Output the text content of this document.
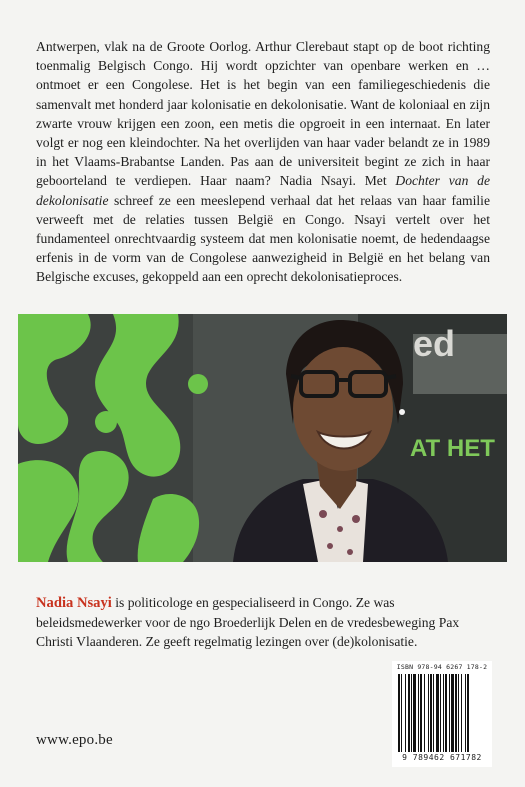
Antwerpen, vlak na de Groote Oorlog. Arthur Clerebaut stapt op de boot richting toenmalig Belgisch Congo. Hij wordt opzichter van openbare werken en … ontmoet er een Congolese. Het is het begin van een familiegeschiedenis die samenvalt met honderd jaar kolonisatie en dekolonisatie. Want de koloniaal en zijn zwarte vrouw krijgen een zoon, een metis die opgroeit in een internaat. En later volgt er nog een kleindochter. Na het overlijden van haar vader belandt ze in 1989 in het Vlaams-Brabantse Landen. Pas aan de universiteit begint ze zich in haar geboorteland te verdiepen. Haar naam? Nadia Nsayi. Met Dochter van de dekolonisatie schreef ze een meeslepend verhaal dat het relaas van haar familie verweeft met de relaties tussen België en Congo. Nsayi vertelt over het fundamenteel onrechtvaardig systeem dat men kolonisatie noemt, de hedendaagse erfenis in de vorm van de Congolese aanwezigheid in België en het belang van Belgische excuses, gekoppeld aan een oprecht dekolonisatieproces.
ed
AT HET
Nadia Nsayi is politicologe en gespecialiseerd in Congo. Ze was beleidsmedewerker voor de ngo Broederlijk Delen en de vredesbeweging Pax Christi Vlaanderen. Ze geeft regelmatig lezingen over (de)kolonisatie.
www.epo.be
ISBN 978-94 6267 178-2
9 789462 671782
